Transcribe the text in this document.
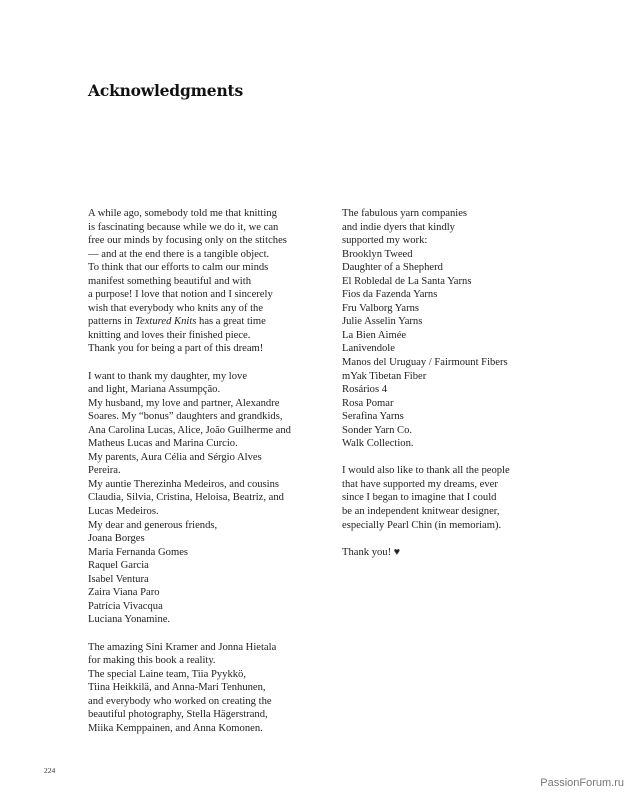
Acknowledgments

A while ago, somebody told me that knitting
is fascinating because while we do it, we can
free our minds by focusing only on the stitches
— and at the end there is a tangible object.
To think that our efforts to calm our minds
manifest something beautiful and with
a purpose! I love that notion and I sincerely
wish that everybody who knits any of the
patterns in Textured Knits has a great time
knitting and loves their finished piece.
Thank you for being a part of this dream!

I want to thank my daughter, my love
and light, Mariana Assumpção.
My husband, my love and partner, Alexandre
Soares. My “bonus” daughters and grandkids,
Ana Carolina Lucas, Alice, João Guilherme and
Matheus Lucas and Marina Curcio.
My parents, Aura Célia and Sérgio Alves
Pereira.
My auntie Therezinha Medeiros, and cousins
Claudia, Silvia, Cristina, Heloisa, Beatriz, and
Lucas Medeiros.
My dear and generous friends,
Joana Borges
Maria Fernanda Gomes
Raquel Garcia
Isabel Ventura
Zaira Viana Paro
Patrícia Vivacqua
Luciana Yonamine.

The amazing Sini Kramer and Jonna Hietala
for making this book a reality.
The special Laine team, Tiia Pyykkö,
Tiina Heikkilä, and Anna-Mari Tenhunen,
and everybody who worked on creating the
beautiful photography, Stella Hägerstrand,
Miika Kemppainen, and Anna Komonen.

The fabulous yarn companies
and indie dyers that kindly
supported my work:
Brooklyn Tweed
Daughter of a Shepherd
El Robledal de La Santa Yarns
Fios da Fazenda Yarns
Fru Valborg Yarns
Julie Asselin Yarns
La Bien Aimée
Lanivendole
Manos del Uruguay / Fairmount Fibers
mYak Tibetan Fiber
Rosários 4
Rosa Pomar
Serafina Yarns
Sonder Yarn Co.
Walk Collection.

I would also like to thank all the people
that have supported my dreams, ever
since I began to imagine that I could
be an independent knitwear designer,
especially Pearl Chin (in memoriam).

Thank you! ♥

224
PassionForum.ru
